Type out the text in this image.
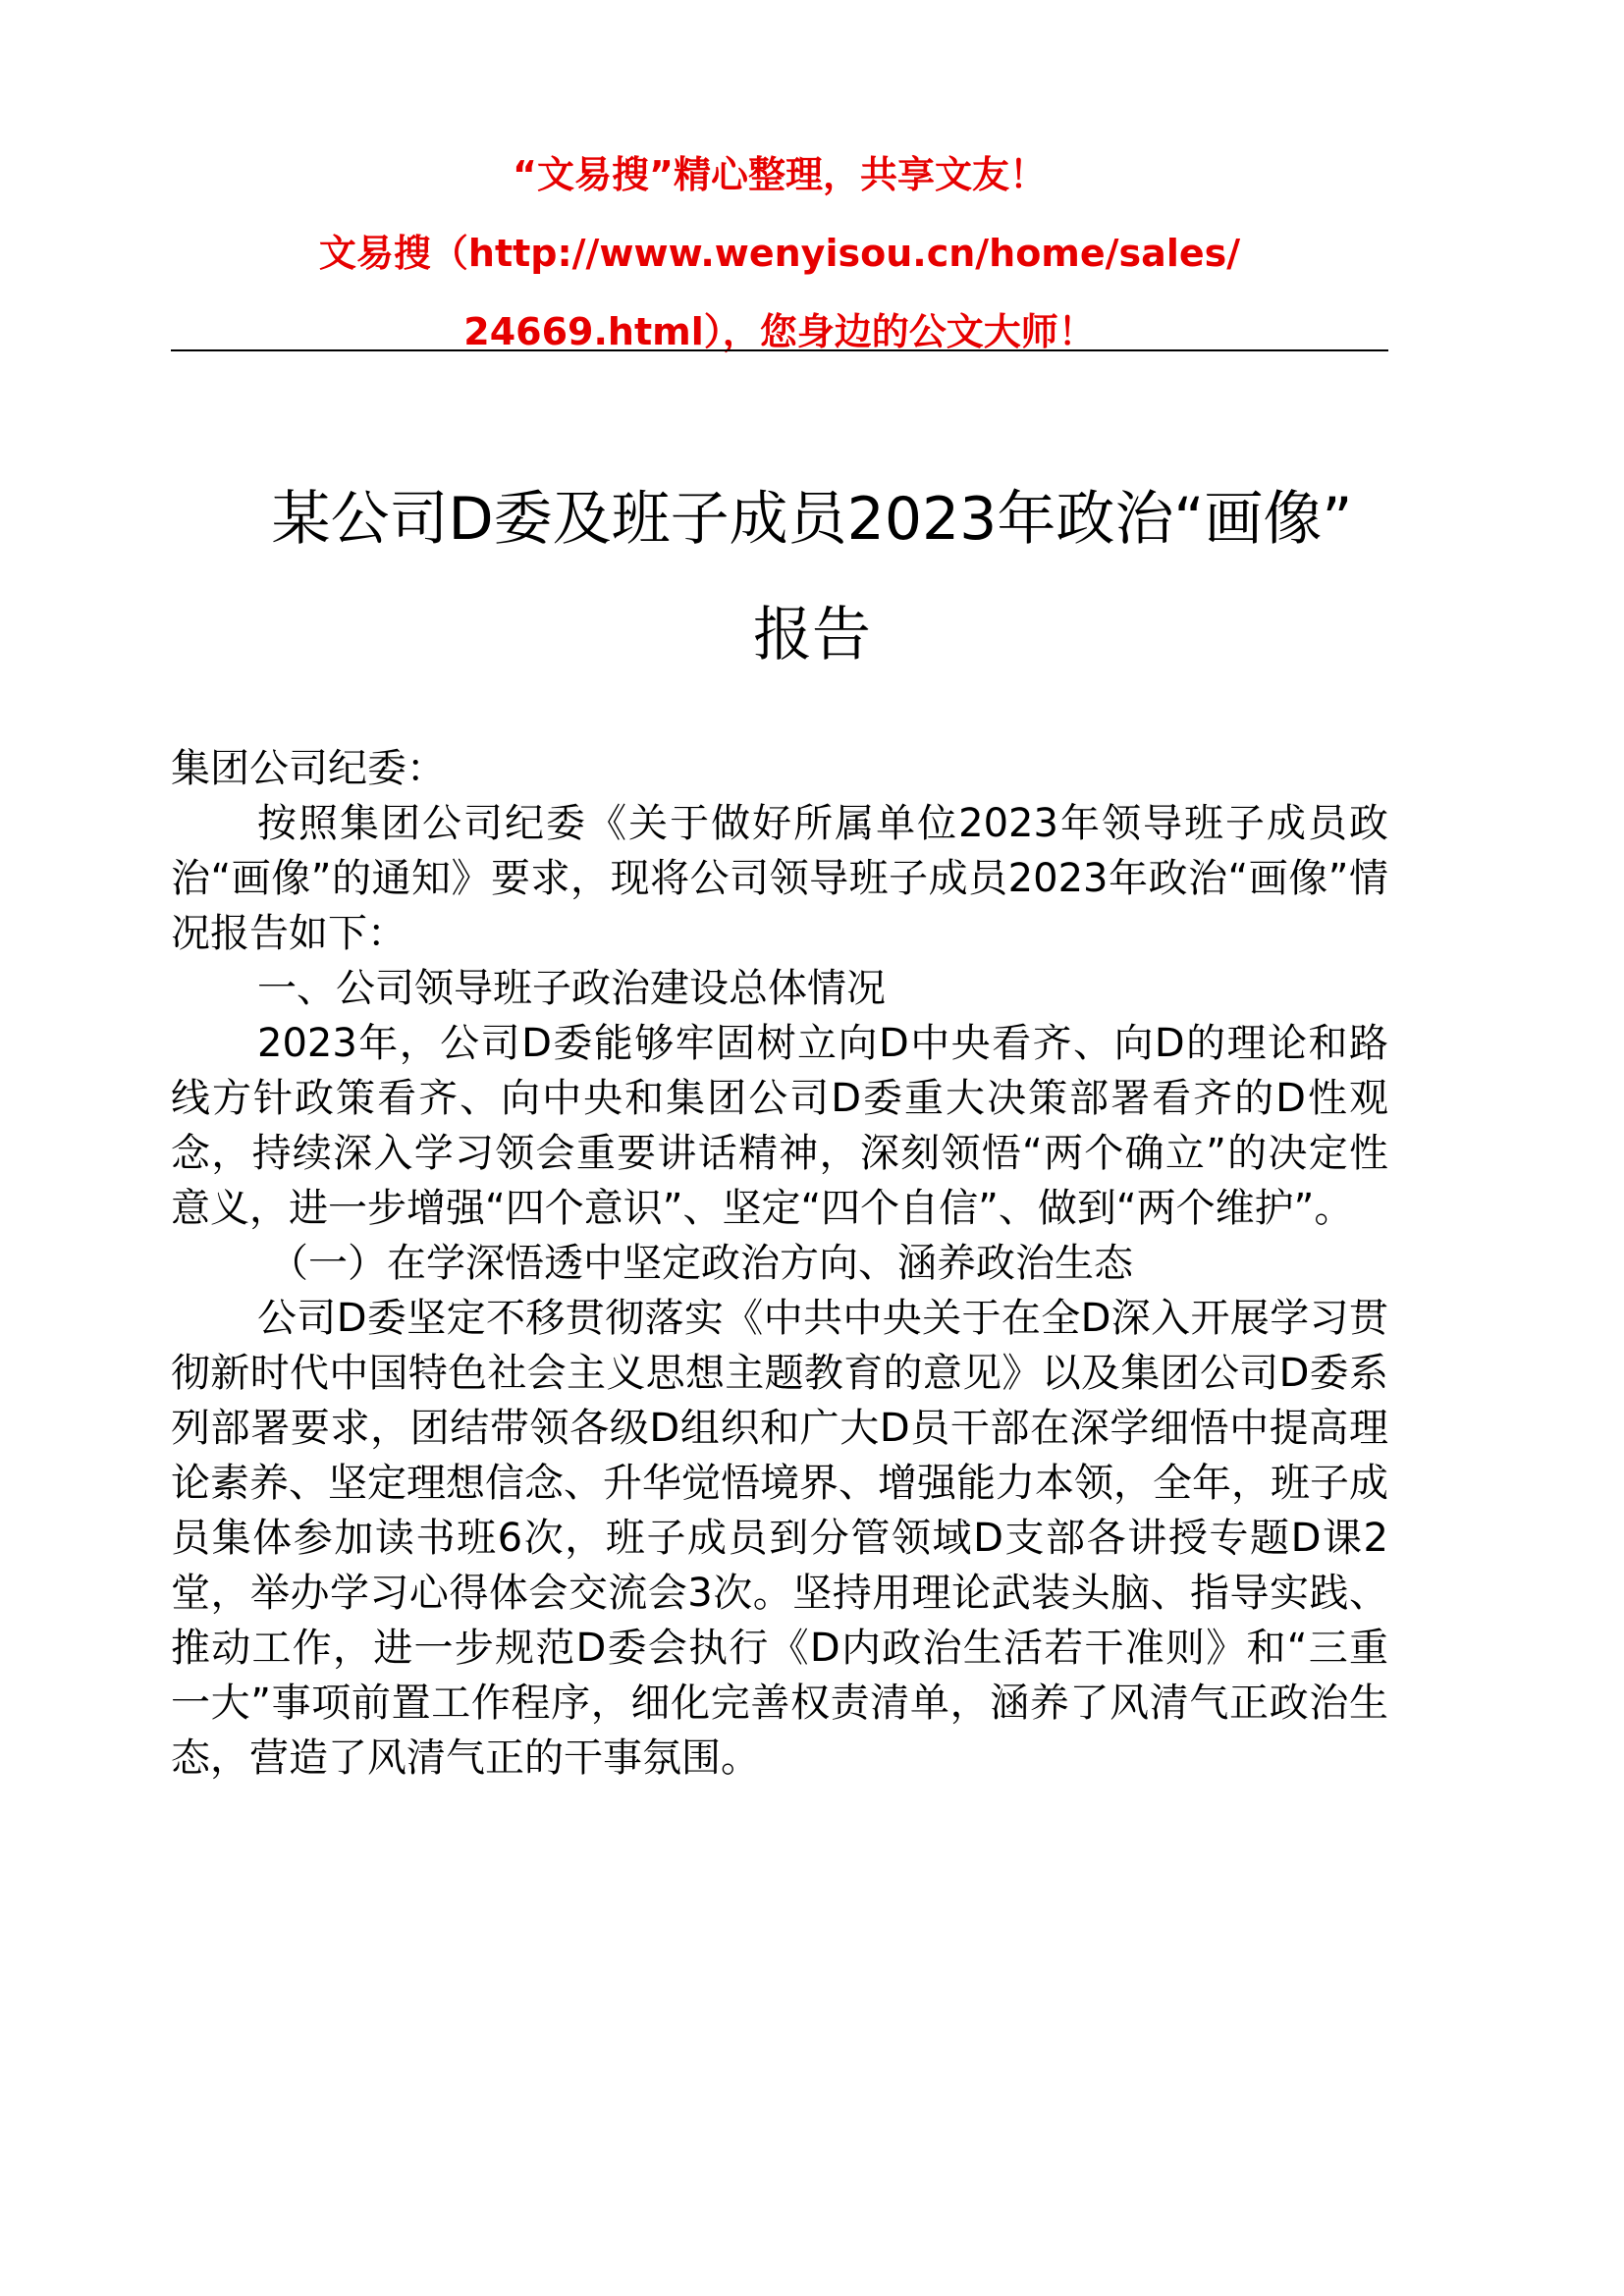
“文易搜”精心整理，共享文友！
文易搜（http://www.wenyisou.cn/home/sales/
24669.html），您身边的公文大师！
某公司D委及班子成员2023年政治“画像”
报告

集团公司纪委：

按照集团公司纪委《关于做好所属单位2023年领导班子成员政治“画像”的通知》要求，现将公司领导班子成员2023年政治“画像”情况报告如下：

一、公司领导班子政治建设总体情况

2023年，公司D委能够牢固树立向D中央看齐、向D的理论和路线方针政策看齐、向中央和集团公司D委重大决策部署看齐的D性观念，持续深入学习领会重要讲话精神，深刻领悟“两个确立”的决定性意义，进一步增强“四个意识”、坚定“四个自信”、做到“两个维护”。

（一）在学深悟透中坚定政治方向、涵养政治生态

公司D委坚定不移贯彻落实《中共中央关于在全D深入开展学习贯彻新时代中国特色社会主义思想主题教育的意见》以及集团公司D委系列部署要求，团结带领各级D组织和广大D员干部在深学细悟中提高理论素养、坚定理想信念、升华觉悟境界、增强能力本领，全年，班子成员集体参加读书班6次，班子成员到分管领域D支部各讲授专题D课2堂，举办学习心得体会交流会3次。坚持用理论武装头脑、指导实践、推动工作，进一步规范D委会执行《D内政治生活若干准则》和“三重一大”事项前置工作程序，细化完善权责清单，涵养了风清气正政治生态，营造了风清气正的干事氛围。
